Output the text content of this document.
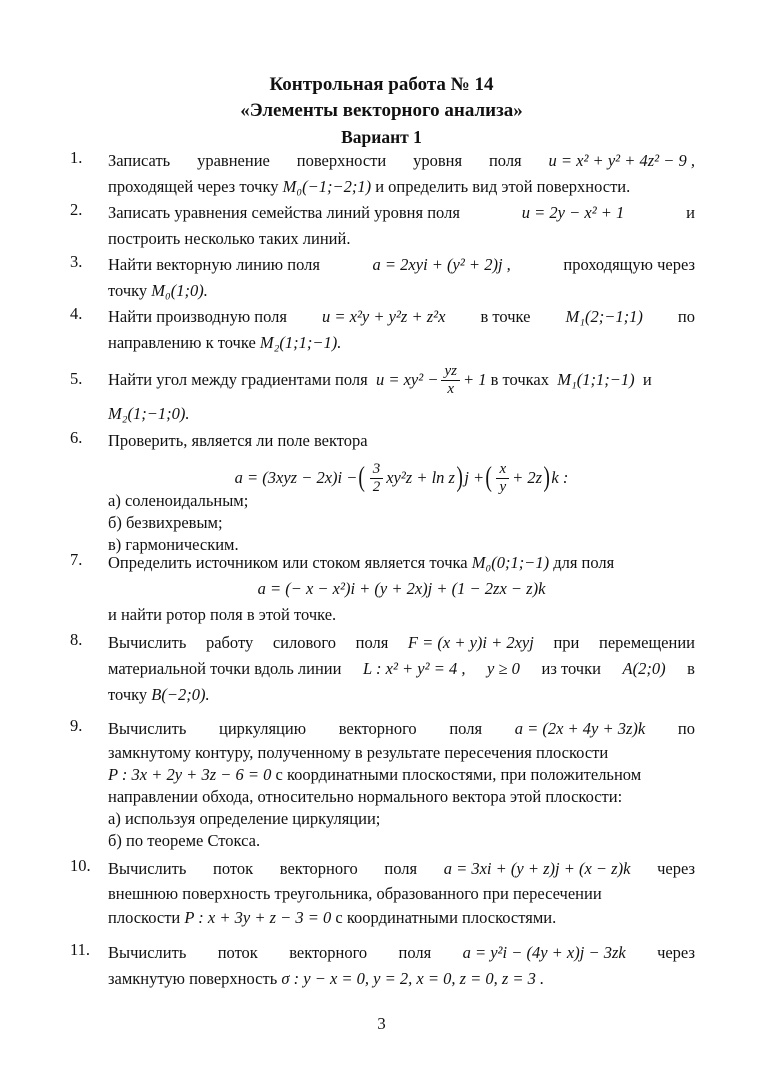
Контрольная работа № 14
«Элементы векторного анализа»
Вариант 1
1. Записать уравнение поверхности уровня поля u = x² + y² + 4z² − 9 ,
проходящей через точку
M₀(−1;−2;1)
и определить вид этой поверхности.
2. Записать уравнения семейства линий уровня поля	u = 2y − x² + 1	и
построить несколько таких линий.
3. Найти векторную линию поля	a = 2xyi + (y² + 2)j ,	проходящую через
точку
M₀(1;0).
4. Найти производную поля u = x²y + y²z + z²x в точке M₁(2;−1;1) по
направлению к точке
M₂(1;1;−1).
5. Найти угол между градиентами поля
$u = xy^2 - \frac{yz}{x} + 1$
в точках
M₁(1;1;−1)
и
M₂(1;−1;0).
6. Проверить, является ли поле вектора
a = (3xyz − 2x)i − ( $\frac{3}{2} xy^2z + \ln z$ ) j + ( $\frac{x}{y} + 2z$ ) k :
а) соленоидальным;
б) безвихревым;
в) гармоническим.
7. Определить источником или стоком является точка
M₀(0;1;−1)
для поля
a = (− x − x²)i + (y + 2x)j + (1 − 2zx − z)k
и найти ротор поля в этой точке.
8. Вычислить работу силового поля F = (x + y)i + 2xyj при перемещении
материальной точки вдоль линии L : x² + y² = 4 , y ≥ 0 из точки A(2;0) в
точку
B(−2;0).
9. Вычислить циркуляцию векторного поля a = (2x + 4y + 3z)k по
замкнутому контуру, полученному в результате пересечения плоскости
P : 3x + 2y + 3z − 6 = 0
с координатными плоскостями, при положительном
направлении обхода, относительно нормального вектора этой плоскости:
а) используя определение циркуляции;
б) по теореме Стокса.
10. Вычислить поток векторного поля a = 3xi + (y + z)j + (x − z)k через
внешнюю поверхность треугольника, образованного при пересечении
плоскости
P : x + 3y + z − 3 = 0
с координатными плоскостями.
11. Вычислить поток векторного поля a = y²i − (4y + x)j − 3zk через
замкнутую поверхность
σ : y − x = 0, y = 2, x = 0, z = 0, z = 3 .
3
